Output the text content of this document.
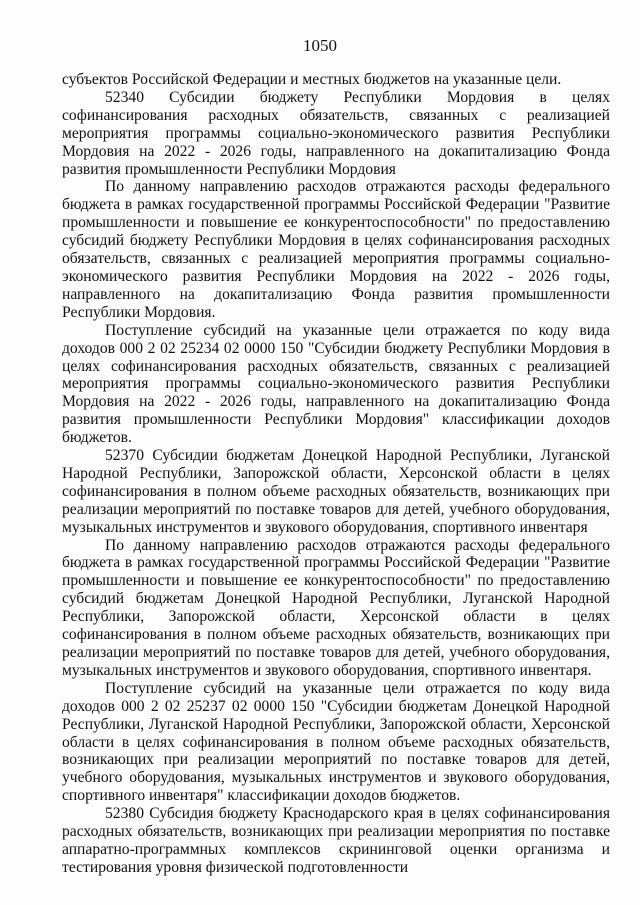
1050

субъектов Российской Федерации и местных бюджетов на указанные цели.

52340 Субсидии бюджету Республики Мордовия в целях софинансирования расходных обязательств, связанных с реализацией мероприятия программы социально-экономического развития Республики Мордовия на 2022 - 2026 годы, направленного на докапитализацию Фонда развития промышленности Республики Мордовия

По данному направлению расходов отражаются расходы федерального бюджета в рамках государственной программы Российской Федерации "Развитие промышленности и повышение ее конкурентоспособности" по предоставлению субсидий бюджету Республики Мордовия в целях софинансирования расходных обязательств, связанных с реализацией мероприятия программы социально-экономического развития Республики Мордовия на 2022 - 2026 годы, направленного на докапитализацию Фонда развития промышленности Республики Мордовия.

Поступление субсидий на указанные цели отражается по коду вида доходов 000 2 02 25234 02 0000 150 "Субсидии бюджету Республики Мордовия в целях софинансирования расходных обязательств, связанных с реализацией мероприятия программы социально-экономического развития Республики Мордовия на 2022 - 2026 годы, направленного на докапитализацию Фонда развития промышленности Республики Мордовия" классификации доходов бюджетов.

52370 Субсидии бюджетам Донецкой Народной Республики, Луганской Народной Республики, Запорожской области, Херсонской области в целях софинансирования в полном объеме расходных обязательств, возникающих при реализации мероприятий по поставке товаров для детей, учебного оборудования, музыкальных инструментов и звукового оборудования, спортивного инвентаря

По данному направлению расходов отражаются расходы федерального бюджета в рамках государственной программы Российской Федерации "Развитие промышленности и повышение ее конкурентоспособности" по предоставлению субсидий бюджетам Донецкой Народной Республики, Луганской Народной Республики, Запорожской области, Херсонской области в целях софинансирования в полном объеме расходных обязательств, возникающих при реализации мероприятий по поставке товаров для детей, учебного оборудования, музыкальных инструментов и звукового оборудования, спортивного инвентаря.

Поступление субсидий на указанные цели отражается по коду вида доходов 000 2 02 25237 02 0000 150 "Субсидии бюджетам Донецкой Народной Республики, Луганской Народной Республики, Запорожской области, Херсонской области в целях софинансирования в полном объеме расходных обязательств, возникающих при реализации мероприятий по поставке товаров для детей, учебного оборудования, музыкальных инструментов и звукового оборудования, спортивного инвентаря" классификации доходов бюджетов.

52380 Субсидия бюджету Краснодарского края в целях софинансирования расходных обязательств, возникающих при реализации мероприятия по поставке аппаратно-программных комплексов скрининговой оценки организма и тестирования уровня физической подготовленности
